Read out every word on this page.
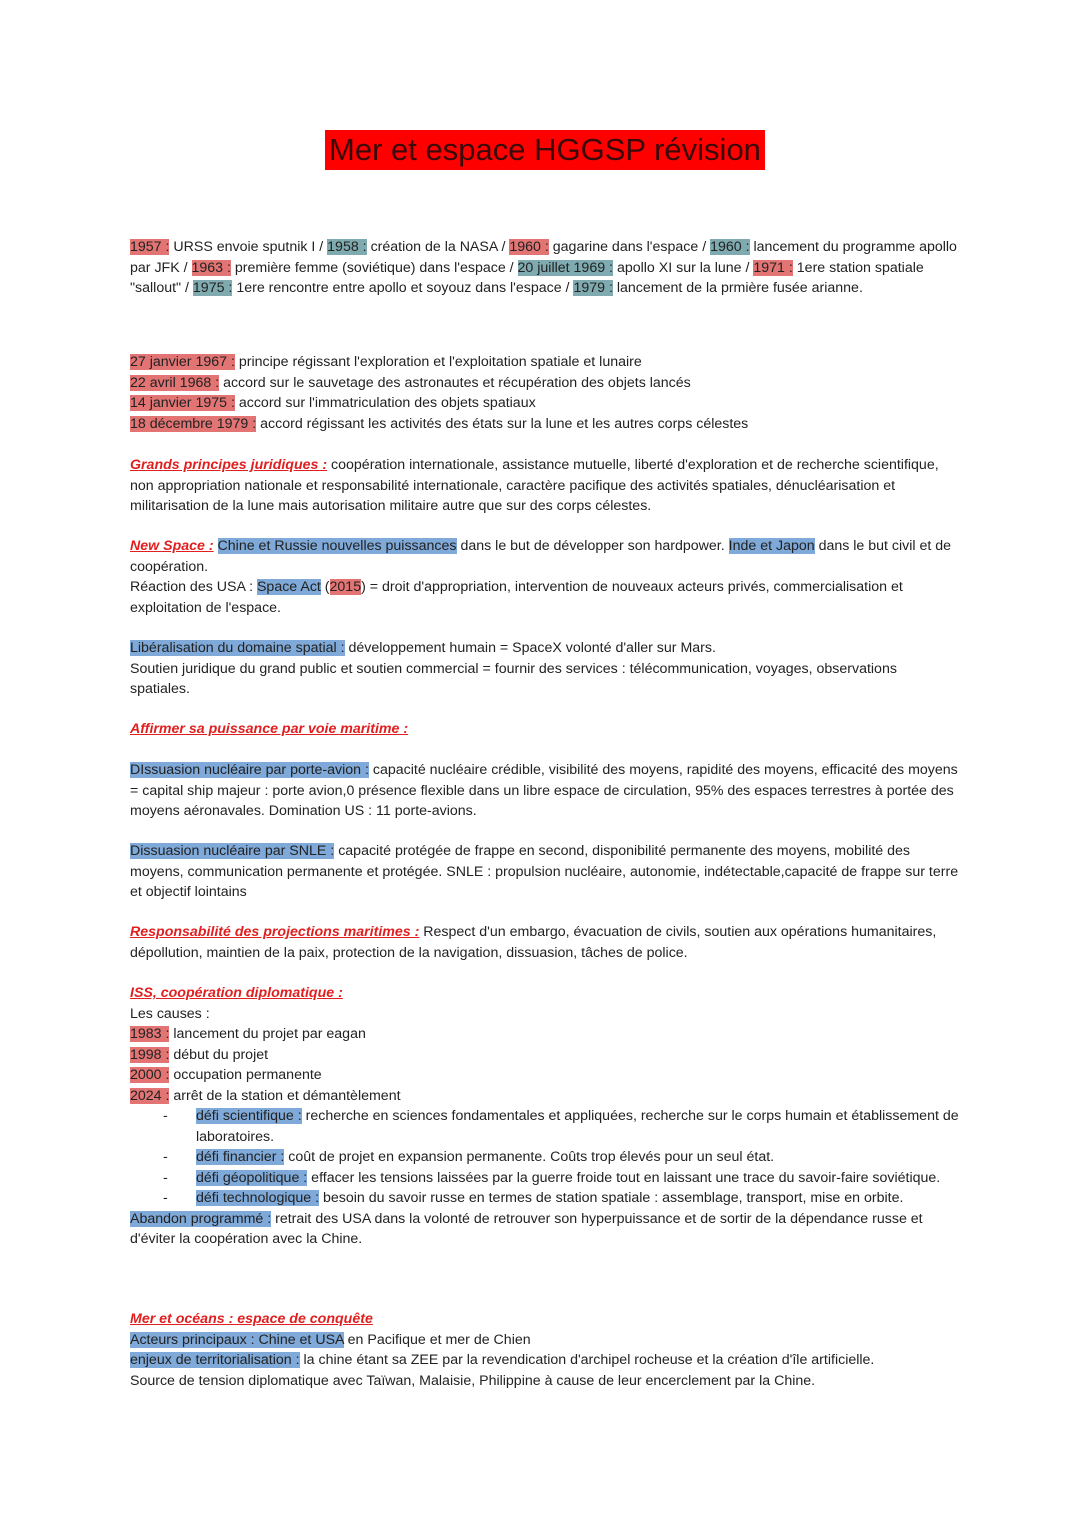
Mer et espace HGGSP révision
1957 : URSS envoie sputnik I / 1958 : création de la NASA / 1960 : gagarine dans l'espace / 1960 : lancement du programme apollo par JFK / 1963 : première femme (soviétique) dans l'espace / 20 juillet 1969 : apollo XI sur la lune / 1971 : 1ere station spatiale "sallout" / 1975 : 1ere rencontre entre apollo et soyouz dans l'espace / 1979 : lancement de la prmière fusée arianne.
27 janvier 1967 : principe régissant l'exploration et l'exploitation spatiale et lunaire
22 avril 1968 : accord sur le sauvetage des astronautes et récupération des objets lancés
14 janvier 1975 : accord sur l'immatriculation des objets spatiaux
18 décembre 1979 : accord régissant les activités des états sur la lune et les autres corps célestes
Grands principes juridiques : coopération internationale, assistance mutuelle, liberté d'exploration et de recherche scientifique, non appropriation nationale et responsabilité internationale, caractère pacifique des activités spatiales, dénucléarisation et militarisation de la lune mais autorisation militaire autre que sur des corps célestes.
New Space : Chine et Russie nouvelles puissances dans le but de développer son hardpower. Inde et Japon dans le but civil et de coopération.
Réaction des USA : Space Act (2015) = droit d'appropriation, intervention de nouveaux acteurs privés, commercialisation et exploitation de l'espace.
Libéralisation du domaine spatial : développement humain = SpaceX volonté d'aller sur Mars.
Soutien juridique du grand public et soutien commercial = fournir des services : télécommunication, voyages, observations spatiales.
Affirmer sa puissance par voie maritime :
DIssuasion nucléaire par porte-avion : capacité nucléaire crédible, visibilité des moyens, rapidité des moyens, efficacité des moyens = capital ship majeur : porte avion,0 présence flexible dans un libre espace de circulation, 95% des espaces terrestres à portée des moyens aéronavales. Domination US : 11 porte-avions.
Dissuasion nucléaire par SNLE : capacité protégée de frappe en second, disponibilité permanente des moyens, mobilité des moyens, communication permanente et protégée. SNLE : propulsion nucléaire, autonomie, indétectable,capacité de frappe sur terre et objectif lointains
Responsabilité des projections maritimes : Respect d'un embargo, évacuation de civils, soutien aux opérations humanitaires, dépollution, maintien de la paix, protection de la navigation, dissuasion, tâches de police.
ISS, coopération diplomatique :
Les causes :
1983 : lancement du projet par eagan
1998 : début du projet
2000 : occupation permanente
2024 : arrêt de la station et démantèlement
- défi scientifique : recherche en sciences fondamentales et appliquées, recherche sur le corps humain et établissement de laboratoires.
- défi financier : coût de projet en expansion permanente. Coûts trop élevés pour un seul état.
- défi géopolitique : effacer les tensions laissées par la guerre froide tout en laissant une trace du savoir-faire soviétique.
- défi technologique : besoin du savoir russe en termes de station spatiale : assemblage, transport, mise en orbite.
Abandon programmé : retrait des USA dans la volonté de retrouver son hyperpuissance et de sortir de la dépendance russe et d'éviter la coopération avec la Chine.
Mer et océans : espace de conquête
Acteurs principaux : Chine et USA en Pacifique et mer de Chien
enjeux de territorialisation : la chine étant sa ZEE par la revendication d'archipel rocheuse et la création d'île artificielle.
Source de tension diplomatique avec Taïwan, Malaisie, Philippine à cause de leur encerclement par la Chine.
